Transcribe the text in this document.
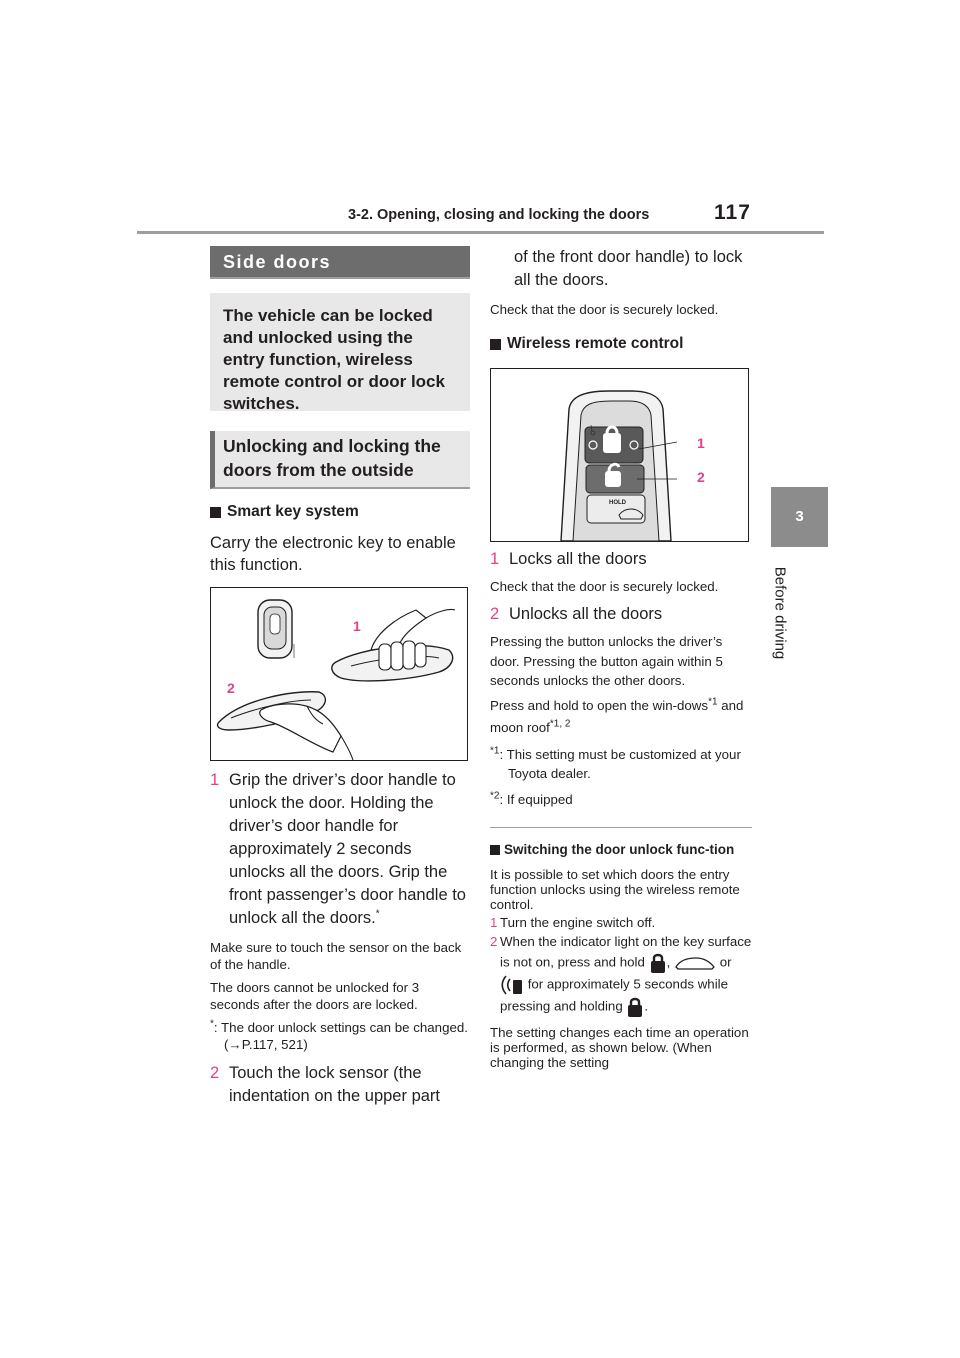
3-2. Opening, closing and locking the doors	117
3
Before driving
Side doors
The vehicle can be locked and unlocked using the entry function, wireless remote control or door lock switches.
Unlocking and locking the doors from the outside
Smart key system
Carry the electronic key to enable this function.
1
2
1 Grip the driver’s door handle to unlock the door. Holding the driver’s door handle for approximately 2 seconds unlocks all the doors. Grip the front passenger’s door handle to unlock all the doors.*
Make sure to touch the sensor on the back of the handle.
The doors cannot be unlocked for 3 seconds after the doors are locked.
*: The door unlock settings can be changed. (→P.117, 521)
2 Touch the lock sensor (the indentation on the upper part
of the front door handle) to lock all the doors.
Check that the door is securely locked.
Wireless remote control
1
2
HOLD
1 Locks all the doors
Check that the door is securely locked.
2 Unlocks all the doors
Pressing the button unlocks the driver’s door. Pressing the button again within 5 seconds unlocks the other doors.
Press and hold to open the win-dows$^{*1}$ and moon roof$^{*1, 2}$
$^{*1}$: This setting must be customized at your Toyota dealer.
$^{*2}$: If equipped
Switching the door unlock func-tion
It is possible to set which doors the entry function unlocks using the wireless remote control.
1 Turn the engine switch off.
2 When the indicator light on the key surface is not on, press and hold ,	or  for approximately 5 seconds while pressing and holding .
The setting changes each time an operation is performed, as shown below. (When changing the setting
